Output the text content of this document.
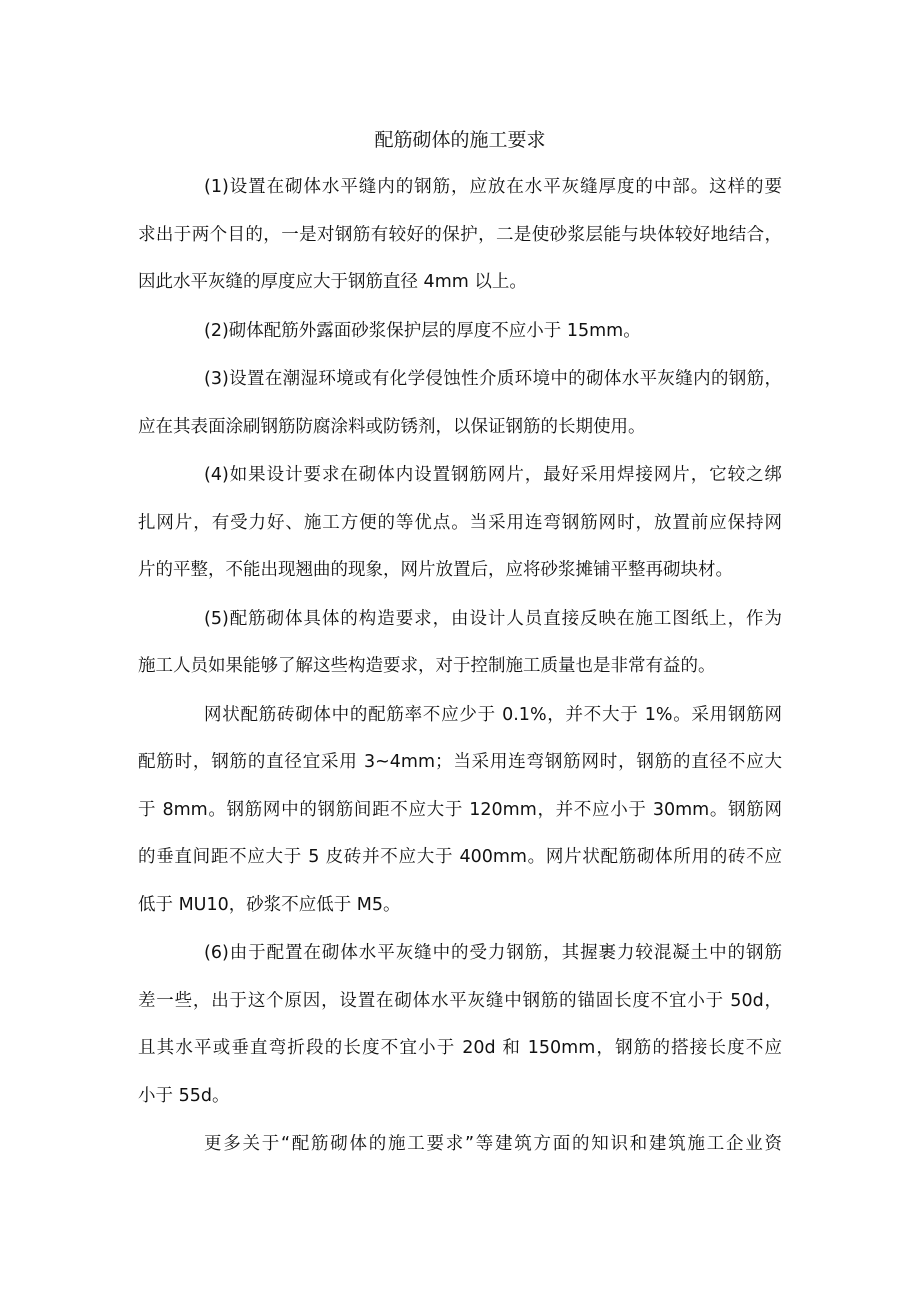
配筋砌体的施工要求
(1)设置在砌体水平缝内的钢筋，应放在水平灰缝厚度的中部。这样的要
求出于两个目的，一是对钢筋有较好的保护，二是使砂浆层能与块体较好地结合，
因此水平灰缝的厚度应大于钢筋直径 4mm 以上。
(2)砌体配筋外露面砂浆保护层的厚度不应小于 15mm。
(3)设置在潮湿环境或有化学侵蚀性介质环境中的砌体水平灰缝内的钢筋，
应在其表面涂刷钢筋防腐涂料或防锈剂，以保证钢筋的长期使用。
(4)如果设计要求在砌体内设置钢筋网片，最好采用焊接网片，它较之绑
扎网片，有受力好、施工方便的等优点。当采用连弯钢筋网时，放置前应保持网
片的平整，不能出现翘曲的现象，网片放置后，应将砂浆摊铺平整再砌块材。
(5)配筋砌体具体的构造要求，由设计人员直接反映在施工图纸上，作为
施工人员如果能够了解这些构造要求，对于控制施工质量也是非常有益的。
网状配筋砖砌体中的配筋率不应少于 0.1%，并不大于 1%。采用钢筋网
配筋时，钢筋的直径宜采用 3~4mm；当采用连弯钢筋网时，钢筋的直径不应大
于 8mm。钢筋网中的钢筋间距不应大于 120mm，并不应小于 30mm。钢筋网
的垂直间距不应大于 5 皮砖并不应大于 400mm。网片状配筋砌体所用的砖不应
低于 MU10，砂浆不应低于 M5。
(6)由于配置在砌体水平灰缝中的受力钢筋，其握裹力较混凝土中的钢筋
差一些，出于这个原因，设置在砌体水平灰缝中钢筋的锚固长度不宜小于 50d，
且其水平或垂直弯折段的长度不宜小于 20d 和 150mm，钢筋的搭接长度不应
小于 55d。
更多关于“配筋砌体的施工要求”等建筑方面的知识和建筑施工企业资
